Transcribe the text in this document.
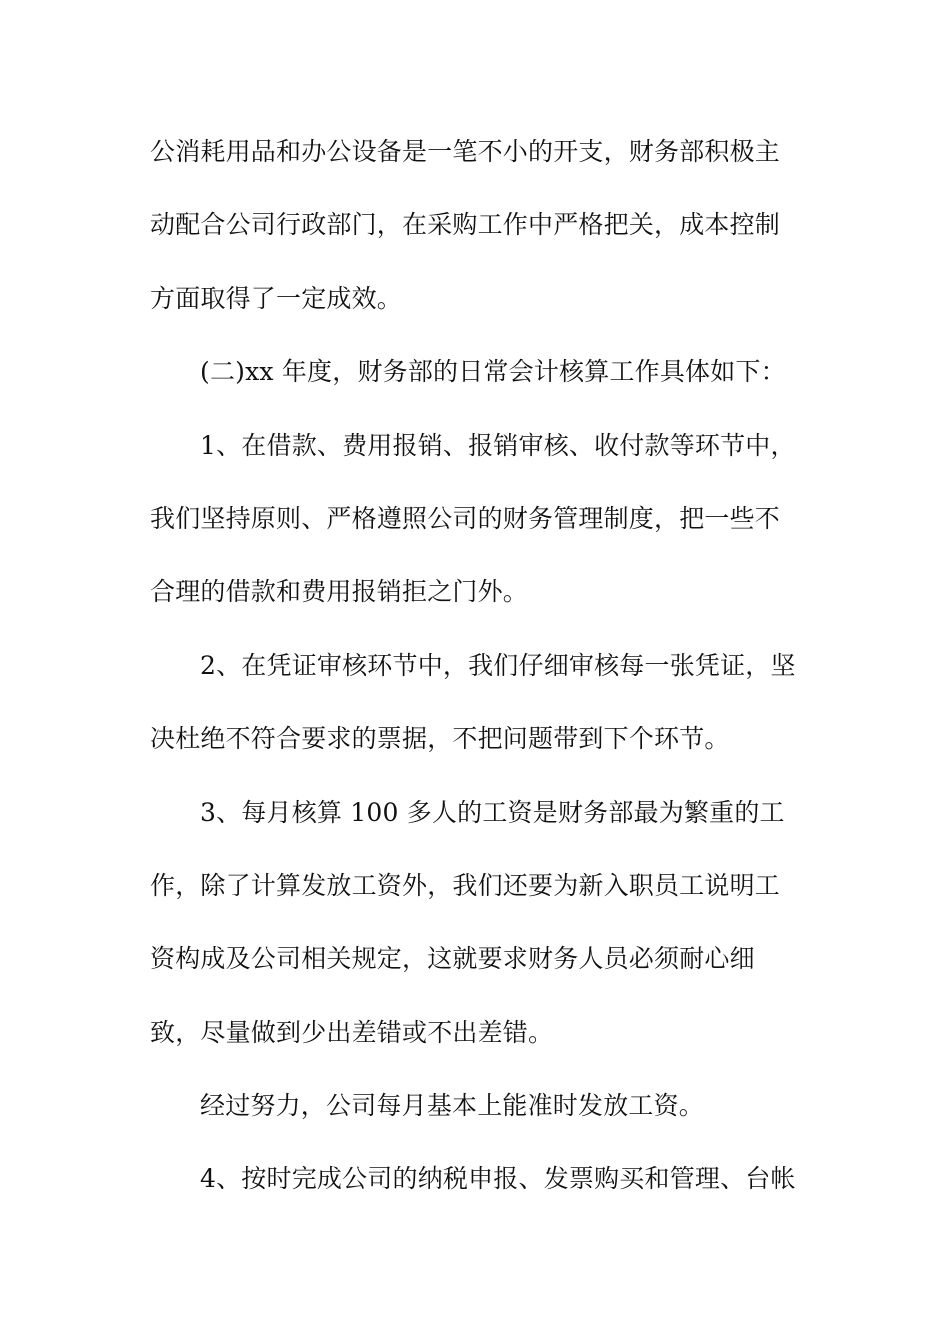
公消耗用品和办公设备是一笔不小的开支，财务部积极主
动配合公司行政部门，在采购工作中严格把关，成本控制
方面取得了一定成效。
(二)xx 年度，财务部的日常会计核算工作具体如下：
1、在借款、费用报销、报销审核、收付款等环节中，
我们坚持原则、严格遵照公司的财务管理制度，把一些不
合理的借款和费用报销拒之门外。
2、在凭证审核环节中，我们仔细审核每一张凭证，坚
决杜绝不符合要求的票据，不把问题带到下个环节。
3、每月核算 100 多人的工资是财务部最为繁重的工
作，除了计算发放工资外，我们还要为新入职员工说明工
资构成及公司相关规定，这就要求财务人员必须耐心细
致，尽量做到少出差错或不出差错。
经过努力，公司每月基本上能准时发放工资。
4、按时完成公司的纳税申报、发票购买和管理、台帐
